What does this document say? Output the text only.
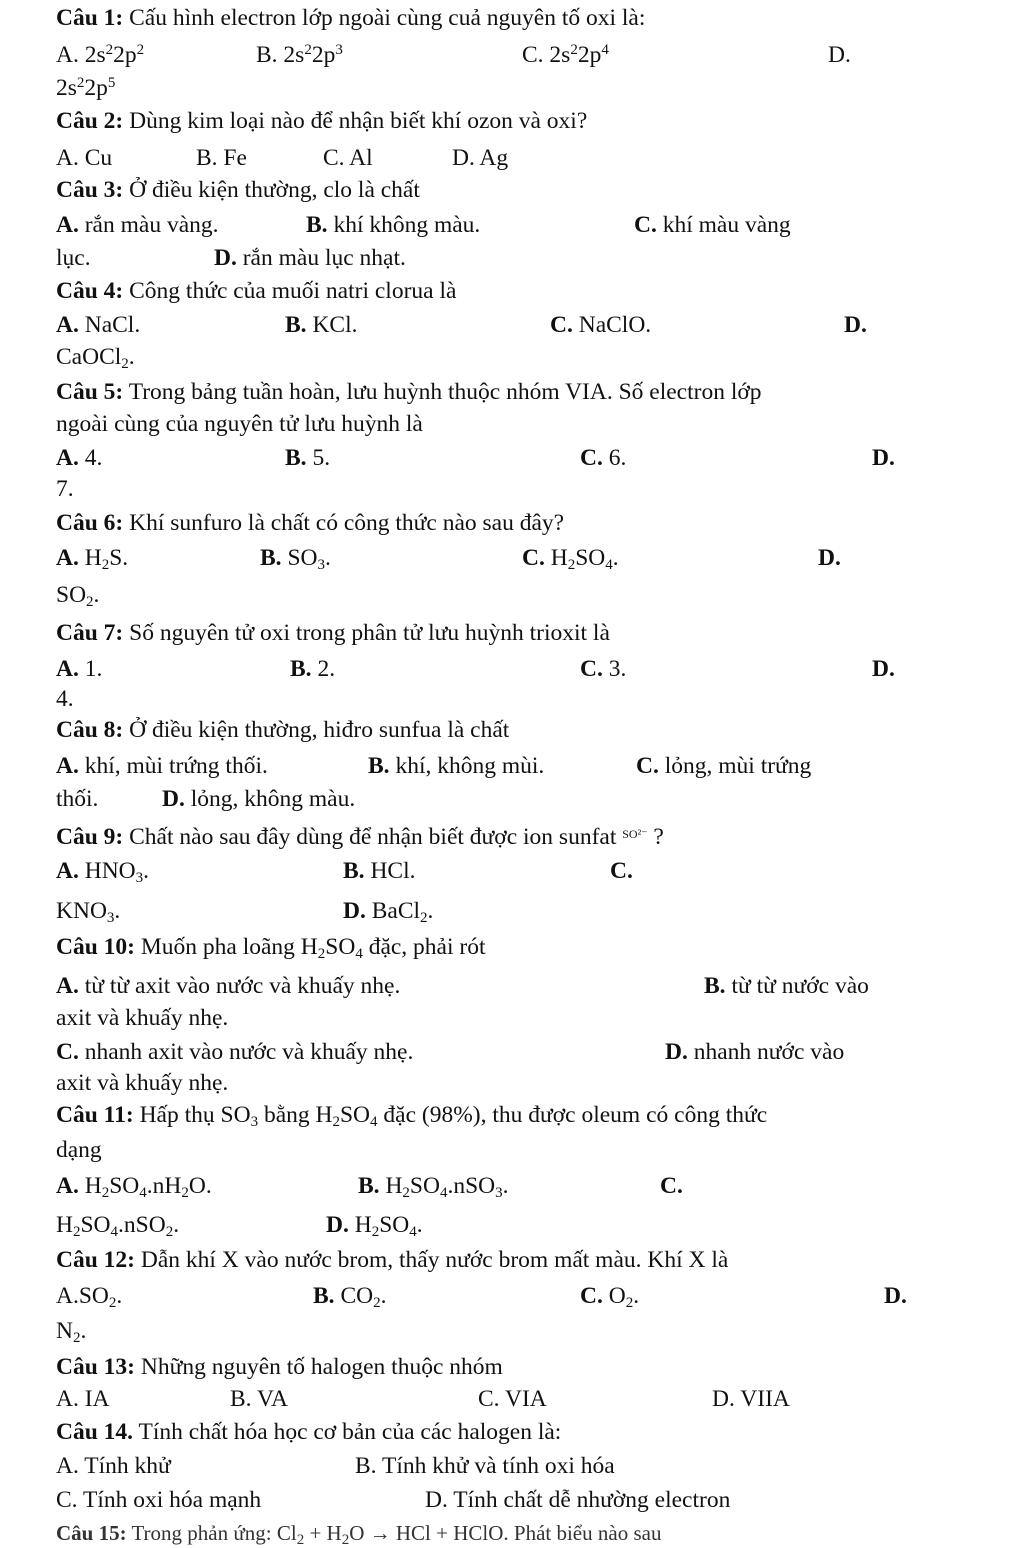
Câu 1: Cấu hình electron lớp ngoài cùng cuả nguyên tố oxi là:
A. $2s^22p^2$	B. $2s^22p^3$	C. $2s^22p^4$	D.
$2s^22p^5$
Câu 2: Dùng kim loại nào để nhận biết khí ozon và oxi?
A. Cu	B. Fe	C. Al	D. Ag
Câu 3: Ở điều kiện thường, clo là chất
A. rắn màu vàng.	B. khí không màu.	C. khí màu vàng
lục.	D. rắn màu lục nhạt.
Câu 4: Công thức của muối natri clorua là
A. NaCl.	B. KCl.	C. NaClO.	D.
CaOCl$_2$.
Câu 5: Trong bảng tuần hoàn, lưu huỳnh thuộc nhóm VIA. Số electron lớp
ngoài cùng của nguyên tử lưu huỳnh là
A. 4.	B. 5.	C. 6.	D.
7.
Câu 6: Khí sunfuro là chất có công thức nào sau đây?
A. $H_2S$.	B. $SO_3$.	C. $H_2SO_4$.	D.
$SO_2$.
Câu 7: Số nguyên tử oxi trong phân tử lưu huỳnh trioxit là
A. 1.	B. 2.	C. 3.	D.
4.
Câu 8: Ở điều kiện thường, hiđro sunfua là chất
A. khí, mùi trứng thối.	B. khí, không mùi.	C. lỏng, mùi trứng
thối.	D. lỏng, không màu.
Câu 9: Chất nào sau đây dùng để nhận biết được ion sunfat $^{SO^{2-}}$ ?
A. $HNO_3$.	B. HCl.	C.
$KNO_3$.	D. BaCl$_2$.
Câu 10: Muốn pha loãng $H_2SO_4$ đặc, phải rót
A. từ từ axit vào nước và khuấy nhẹ.	B. từ từ nước vào
axit và khuấy nhẹ.
C. nhanh axit vào nước và khuấy nhẹ.	D. nhanh nước vào
axit và khuấy nhẹ.
Câu 11: Hấp thụ $SO_3$ bằng $H_2SO_4$ đặc (98%), thu được oleum có công thức
dạng
A. $H_2SO_4.nH_2O$.	B. $H_2SO_4.nSO_3$.	C.
$H_2SO_4.nSO_2$.	D. $H_2SO_4$.
Câu 12: Dẫn khí X vào nước brom, thấy nước brom mất màu. Khí X là
$A.SO_2$.	B. $CO_2$.	C. $O_2$.	D.
$N_2$.
Câu 13: Những nguyên tố halogen thuộc nhóm
A. IA	B. VA	C. VIA	D. VIIA
Câu 14. Tính chất hóa học cơ bản của các halogen là:
A. Tính khử	B. Tính khử và tính oxi hóa
C. Tính oxi hóa mạnh	D. Tính chất dễ nhường electron
Câu 15: Trong phản ứng: $Cl_2 + H_2O$ → HCl + HClO. Phát biểu nào sau
